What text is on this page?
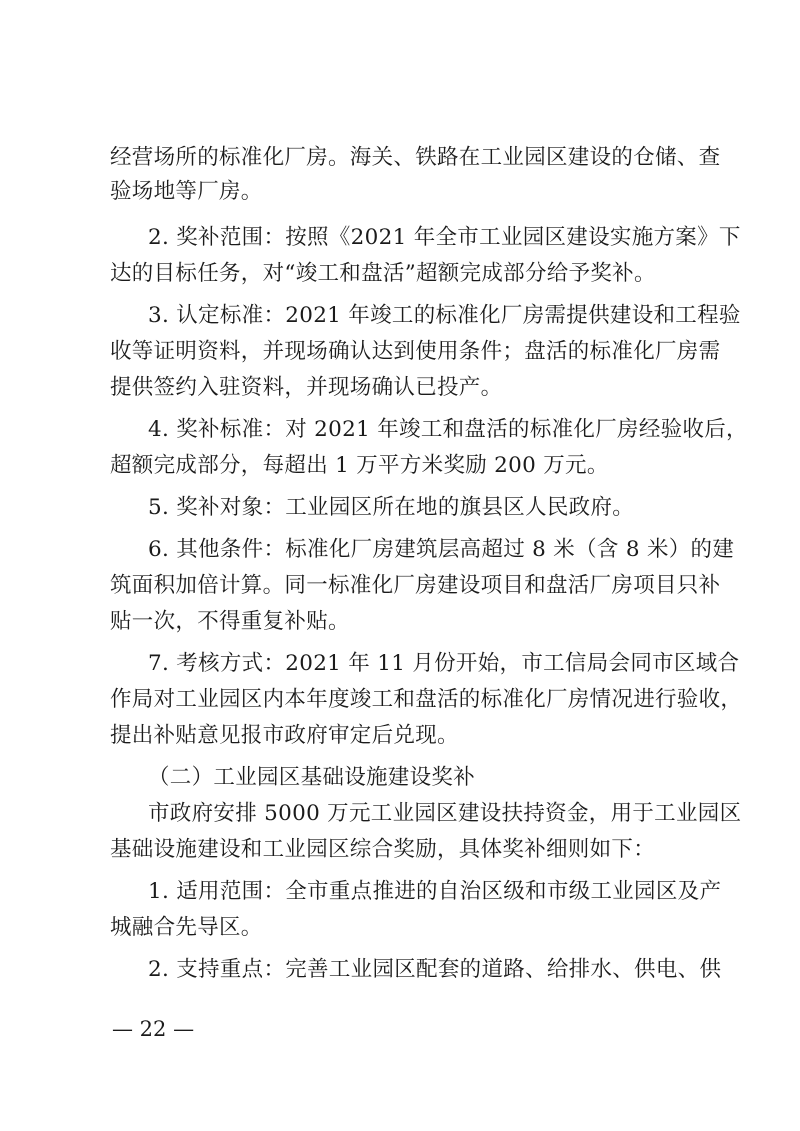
经营场所的标准化厂房。海关、铁路在工业园区建设的仓储、查
验场地等厂房。
2. 奖补范围：按照《2021 年全市工业园区建设实施方案》下
达的目标任务，对“竣工和盘活”超额完成部分给予奖补。
3. 认定标准：2021 年竣工的标准化厂房需提供建设和工程验
收等证明资料，并现场确认达到使用条件；盘活的标准化厂房需
提供签约入驻资料，并现场确认已投产。
4. 奖补标准：对 2021 年竣工和盘活的标准化厂房经验收后，
超额完成部分，每超出 1 万平方米奖励 200 万元。
5. 奖补对象：工业园区所在地的旗县区人民政府。
6. 其他条件：标准化厂房建筑层高超过 8 米（含 8 米）的建
筑面积加倍计算。同一标准化厂房建设项目和盘活厂房项目只补
贴一次，不得重复补贴。
7. 考核方式：2021 年 11 月份开始，市工信局会同市区域合
作局对工业园区内本年度竣工和盘活的标准化厂房情况进行验收，
提出补贴意见报市政府审定后兑现。
（二）工业园区基础设施建设奖补
市政府安排 5000 万元工业园区建设扶持资金，用于工业园区
基础设施建设和工业园区综合奖励，具体奖补细则如下：
1. 适用范围：全市重点推进的自治区级和市级工业园区及产
城融合先导区。
2. 支持重点：完善工业园区配套的道路、给排水、供电、供
— 22 —
